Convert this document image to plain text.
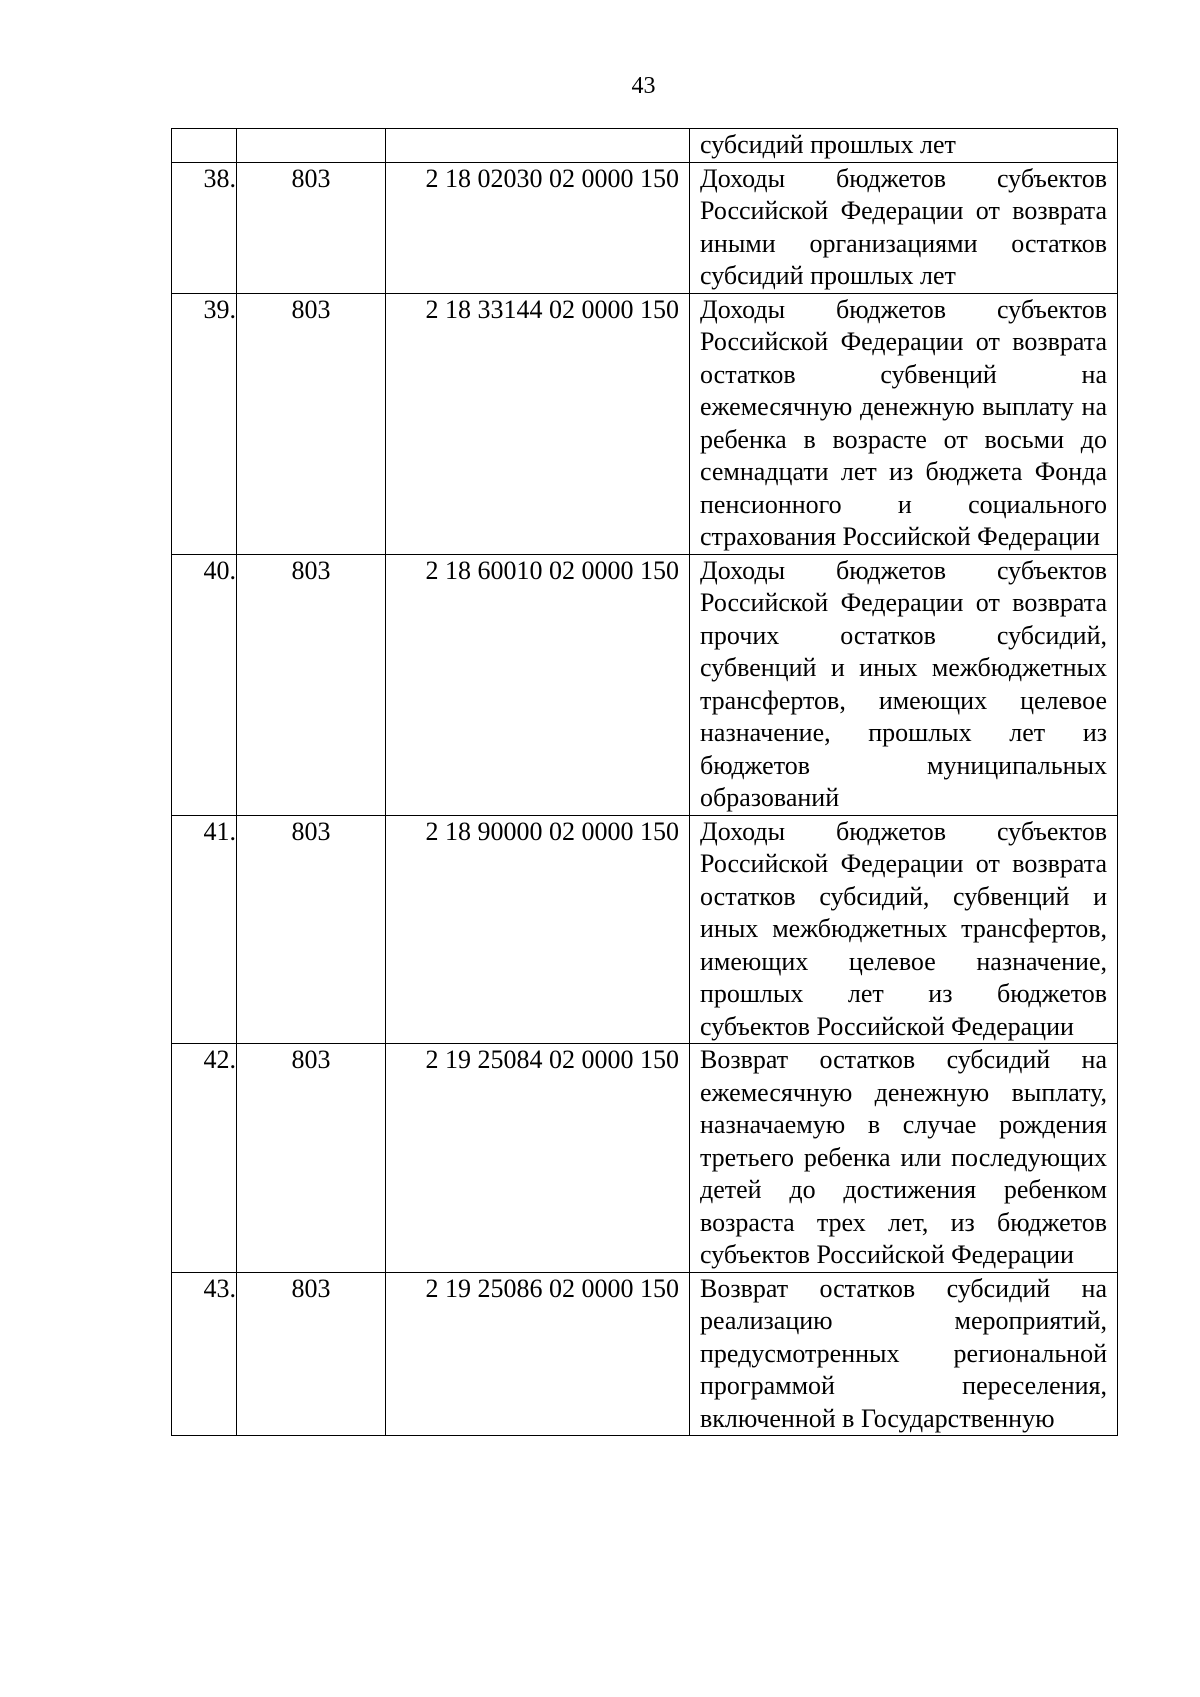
43
			субсидий прошлых лет
38.	803	2 18 02030 02 0000 150	Доходы бюджетов субъектов Российской Федерации от возврата иными организациями остатков субсидий прошлых лет
39.	803	2 18 33144 02 0000 150	Доходы бюджетов субъектов Российской Федерации от возврата остатков субвенций на ежемесячную денежную выплату на ребенка в возрасте от восьми до семнадцати лет из бюджета Фонда пенсионного и социального страхования Российской Федерации
40.	803	2 18 60010 02 0000 150	Доходы бюджетов субъектов Российской Федерации от возврата прочих остатков субсидий, субвенций и иных межбюджетных трансфертов, имеющих целевое назначение, прошлых лет из бюджетов муниципальных образований
41.	803	2 18 90000 02 0000 150	Доходы бюджетов субъектов Российской Федерации от возврата остатков субсидий, субвенций и иных межбюджетных трансфертов, имеющих целевое назначение, прошлых лет из бюджетов субъектов Российской Федерации
42.	803	2 19 25084 02 0000 150	Возврат остатков субсидий на ежемесячную денежную выплату, назначаемую в случае рождения третьего ребенка или последующих детей до достижения ребенком возраста трех лет, из бюджетов субъектов Российской Федерации
43.	803	2 19 25086 02 0000 150	Возврат остатков субсидий на реализацию мероприятий, предусмотренных региональной программой переселения, включенной в Государственную
